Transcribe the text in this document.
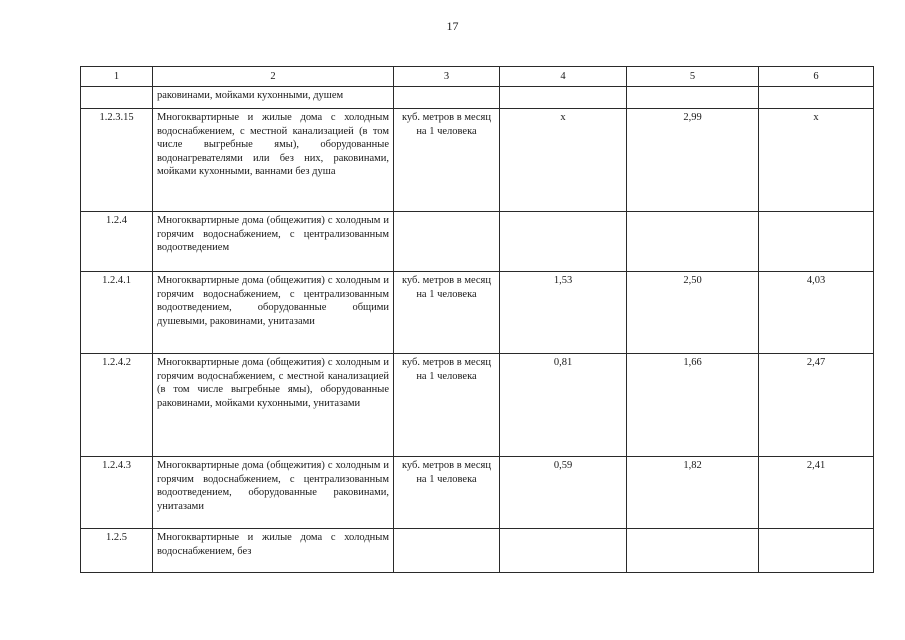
17
1	2	3	4	5	6
	раковинами, мойками кухонными, душем				
1.2.3.15	Многоквартирные и жилые дома с холодным водоснабжением, с местной канализацией (в том числе выгребные ямы), оборудованные водонагревателями или без них, раковинами, мойками кухонными, ваннами без душа	куб. метров в месяц на 1 человека	х	2,99	х
1.2.4	Многоквартирные дома (общежития) с холодным и горячим водоснабжением, с централизованным водоотведением				
1.2.4.1	Многоквартирные дома (общежития) с холодным и горячим водоснабжением, с централизованным водоотведением, оборудованные общими душевыми, раковинами, унитазами	куб. метров в месяц на 1 человека	1,53	2,50	4,03
1.2.4.2	Многоквартирные дома (общежития) с холодным и горячим водоснабжением, с местной канализацией (в том числе выгребные ямы), оборудованные раковинами, мойками кухонными, унитазами	куб. метров в месяц на 1 человека	0,81	1,66	2,47
1.2.4.3	Многоквартирные дома (общежития) с холодным и горячим водоснабжением, с централизованным водоотведением, оборудованные раковинами, унитазами	куб. метров в месяц на 1 человека	0,59	1,82	2,41
1.2.5	Многоквартирные и жилые дома с холодным водоснабжением, без				
